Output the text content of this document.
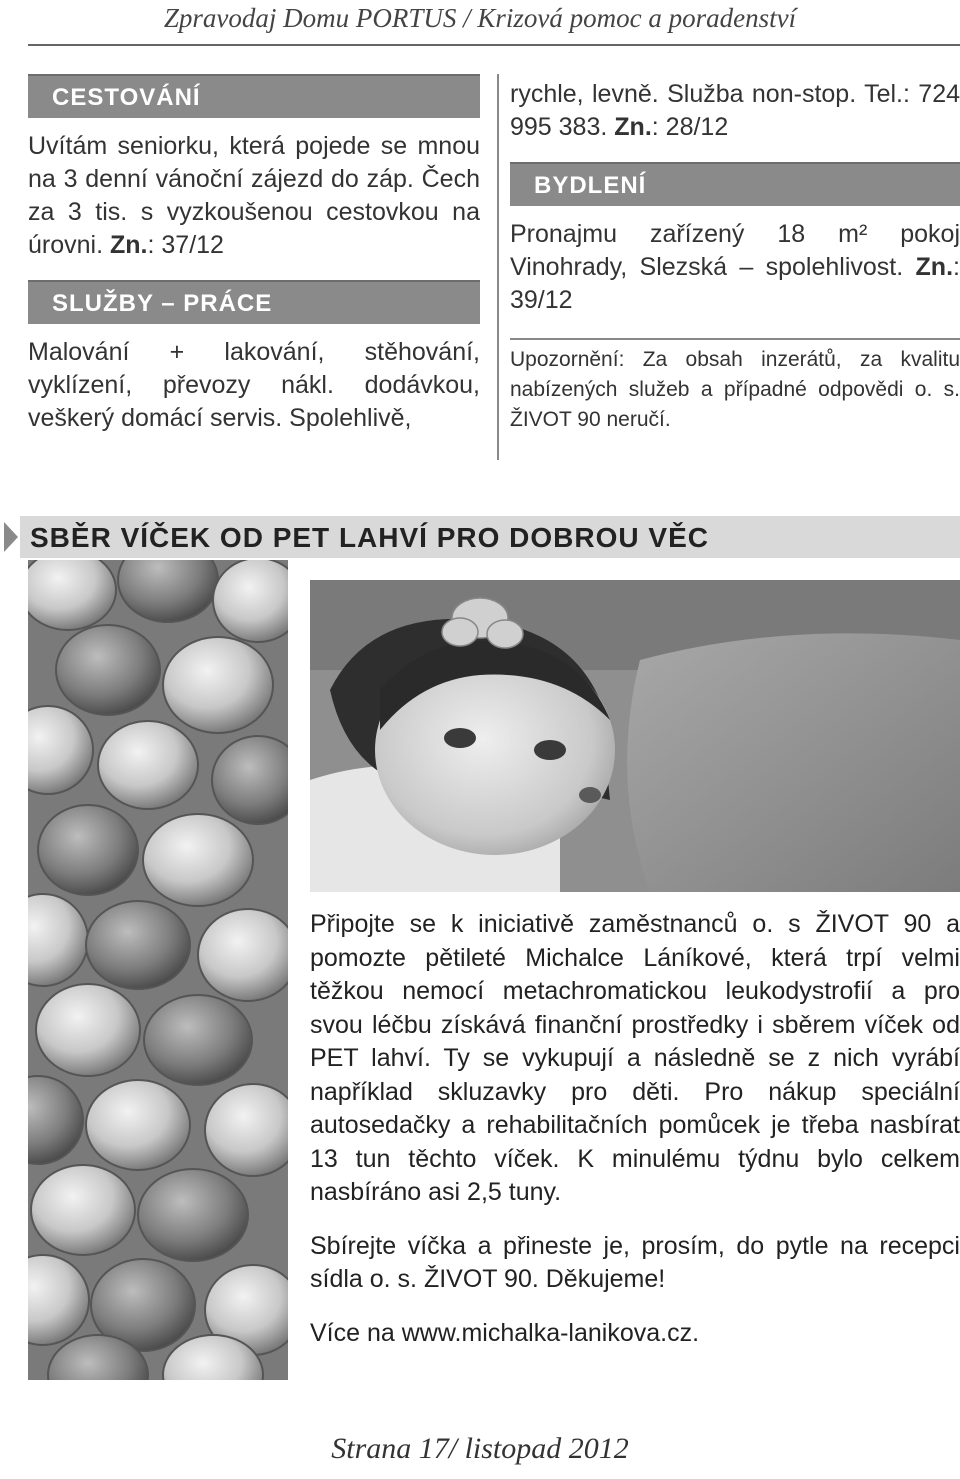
Zpravodaj Domu PORTUS / Krizová pomoc a poradenství
CESTOVÁNÍ
Uvítám seniorku, která pojede se mnou na 3 denní vánoční zájezd do záp. Čech za 3 tis. s vyzkoušenou cestovkou na úrovni. Zn.: 37/12
SLUŽBY – PRÁCE
Malování + lakování, stěhování, vyklízení, převozy nákl. dodávkou, veškerý domácí servis. Spolehlivě,
rychle, levně. Služba non-stop. Tel.: 724 995 383. Zn.: 28/12
BYDLENÍ
Pronajmu zařízený 18 m² pokoj Vinohrady, Slezská – spolehlivost. Zn.: 39/12
Upozornění: Za obsah inzerátů, za kvalitu nabízených služeb a případné odpovědi o. s. ŽIVOT 90 neručí.
SBĚR VÍČEK OD PET LAHVÍ PRO DOBROU VĚC

Připojte se k iniciativě zaměstnanců o. s ŽIVOT 90 a pomozte pětileté Michalce Láníkové, která trpí velmi těžkou nemocí metachromatickou leukodystrofií a pro svou léčbu získává finanční prostředky i sběrem víček od PET lahví. Ty se vykupují a následně se z nich vyrábí například skluzavky pro děti. Pro nákup speciální autosedačky a rehabilitačních pomůcek je třeba nasbírat 13 tun těchto víček. K minulému týdnu bylo celkem nasbíráno asi 2,5 tuny.

Sbírejte víčka a přineste je, prosím, do pytle na recepci sídla o. s. ŽIVOT 90. Děkujeme!

Více na www.michalka-lanikova.cz.

Strana 17/ listopad 2012
